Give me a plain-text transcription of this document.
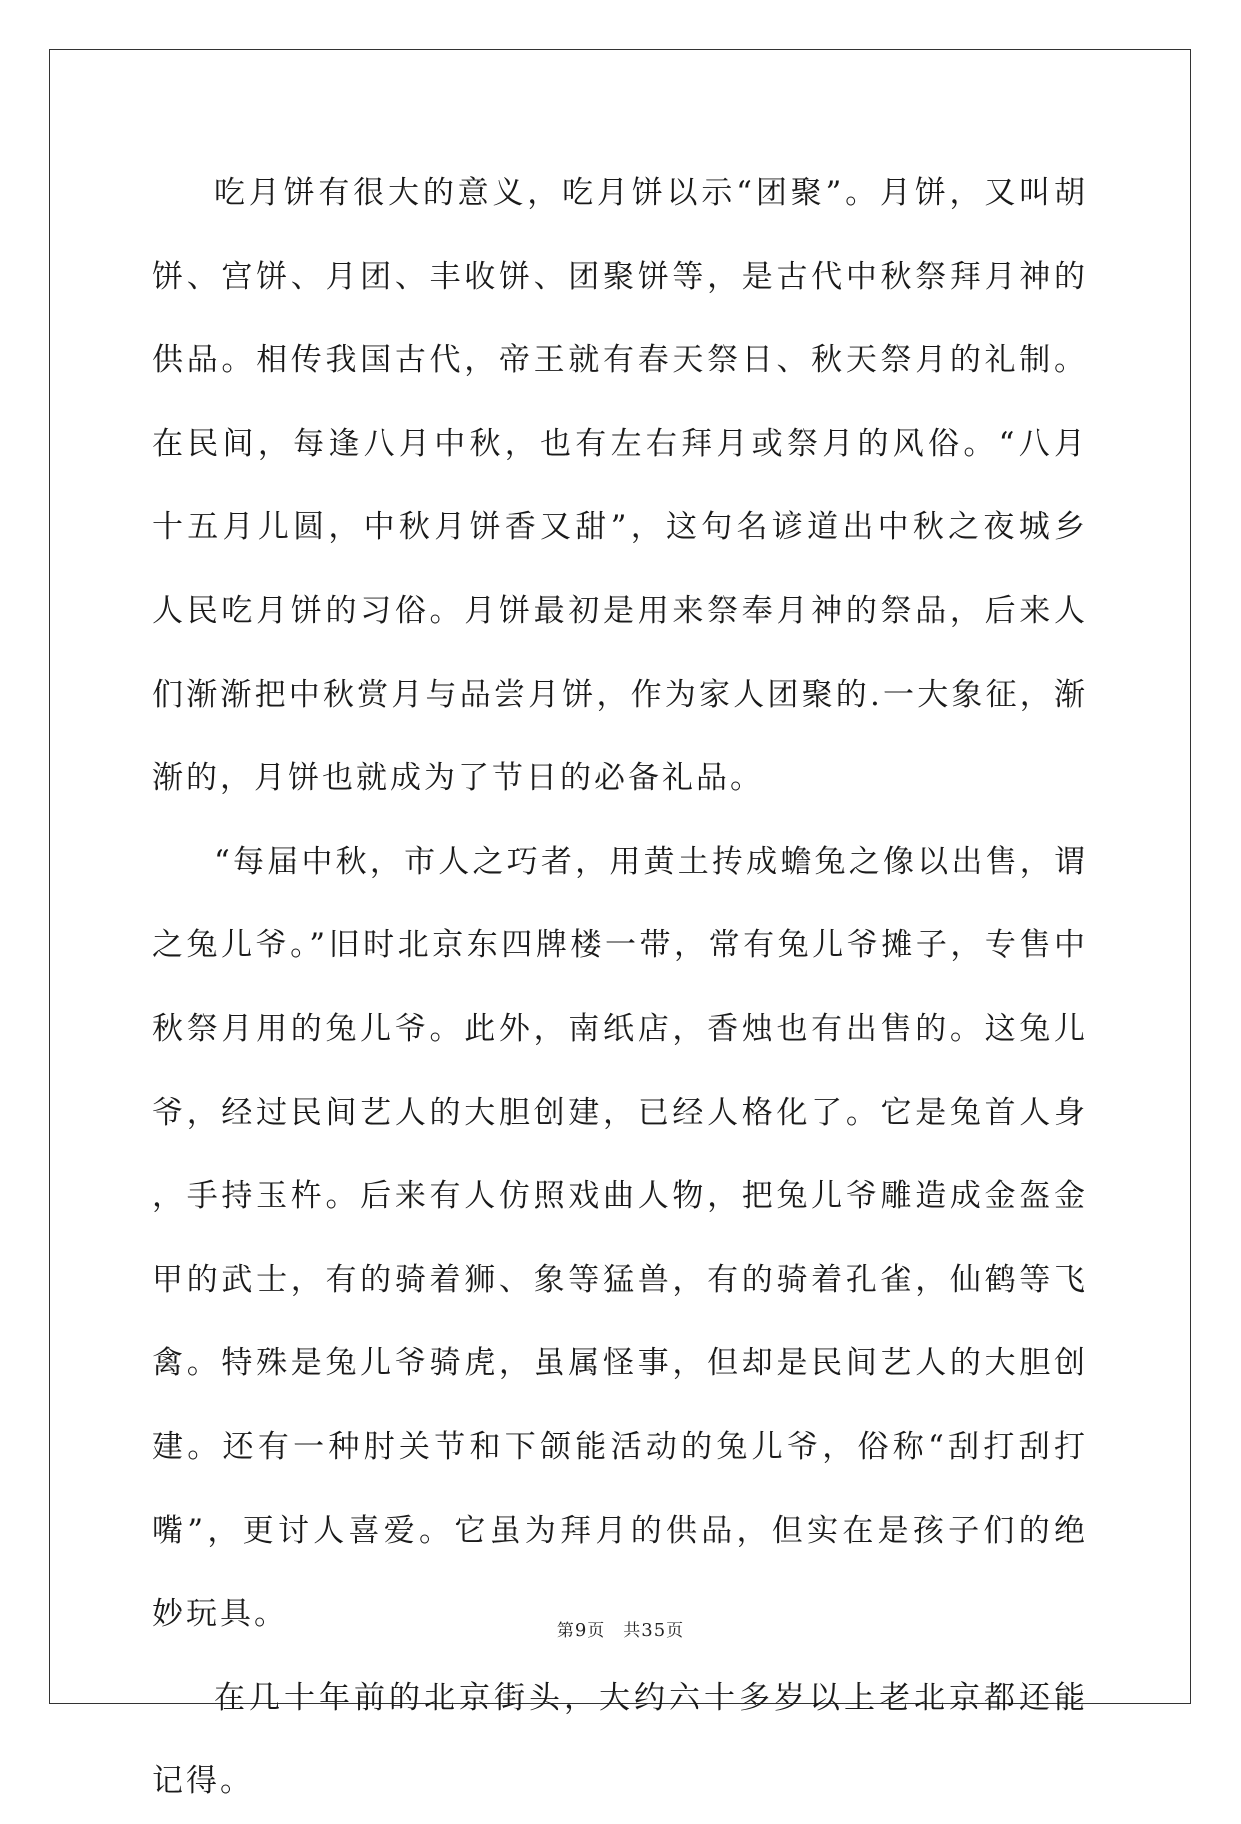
吃月饼有很大的意义，吃月饼以示“团聚”。月饼，又叫胡饼、宫饼、月团、丰收饼、团聚饼等，是古代中秋祭拜月神的供品。相传我国古代，帝王就有春天祭日、秋天祭月的礼制。在民间，每逢八月中秋，也有左右拜月或祭月的风俗。“八月十五月儿圆，中秋月饼香又甜”，这句名谚道出中秋之夜城乡人民吃月饼的习俗。月饼最初是用来祭奉月神的祭品，后来人们渐渐把中秋赏月与品尝月饼，作为家人团聚的.一大象征，渐渐的，月饼也就成为了节日的必备礼品。

“每届中秋，市人之巧者，用黄土抟成蟾兔之像以出售，谓之兔儿爷。”旧时北京东四牌楼一带，常有兔儿爷摊子，专售中秋祭月用的兔儿爷。此外，南纸店，香烛也有出售的。这兔儿爷，经过民间艺人的大胆创建，已经人格化了。它是兔首人身，手持玉杵。后来有人仿照戏曲人物，把兔儿爷雕造成金盔金甲的武士，有的骑着狮、象等猛兽，有的骑着孔雀，仙鹤等飞禽。特殊是兔儿爷骑虎，虽属怪事，但却是民间艺人的大胆创建。还有一种肘关节和下颌能活动的兔儿爷，俗称“刮打刮打嘴”，更讨人喜爱。它虽为拜月的供品，但实在是孩子们的绝妙玩具。

在几十年前的北京街头，大约六十多岁以上老北京都还能记得。

第9页 共35页
